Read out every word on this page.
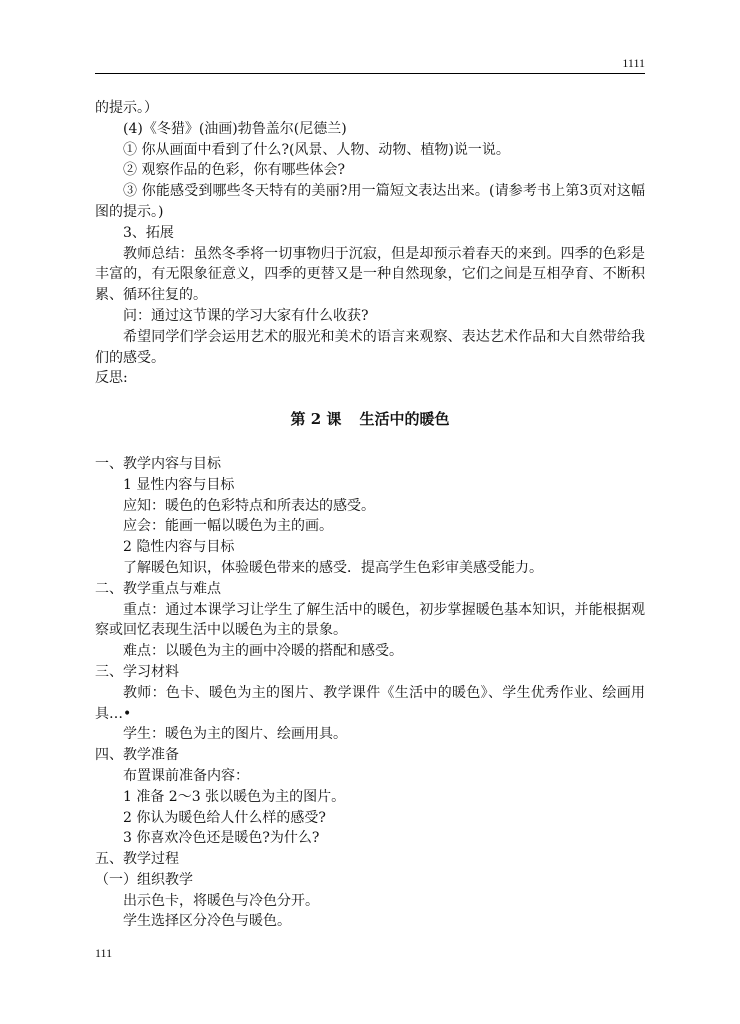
1111

的提示。）

(4)《冬猎》(油画)勃鲁盖尔(尼德兰)

① 你从画面中看到了什么?(风景、人物、动物、植物)说一说。

② 观察作品的色彩，你有哪些体会?

③ 你能感受到哪些冬天特有的美丽?用一篇短文表达出来。(请参考书上第3页对这幅图的提示。)

3、拓展

教师总结：虽然冬季将一切事物归于沉寂，但是却预示着春天的来到。四季的色彩是丰富的，有无限象征意义，四季的更替又是一种自然现象，它们之间是互相孕育、不断积累、循环往复的。

问：通过这节课的学习大家有什么收获?

希望同学们学会运用艺术的服光和美术的语言来观察、表达艺术作品和大自然带给我们的感受。

反思:

第 2 课 生活中的暖色

一、教学内容与目标

1 显性内容与目标

应知：暖色的色彩特点和所表达的感受。

应会：能画一幅以暖色为主的画。

2 隐性内容与目标

了解暖色知识，体验暖色带来的感受．提高学生色彩审美感受能力。

二、教学重点与难点

重点：通过本课学习让学生了解生活中的暖色，初步掌握暖色基本知识，并能根据观察或回忆表现生活中以暖色为主的景象。

难点：以暖色为主的画中冷暖的搭配和感受。

三、学习材料

教师：色卡、暖色为主的图片、教学课件《生活中的暖色》、学生优秀作业、绘画用具…•

学生：暖色为主的图片、绘画用具。

四、教学准备

布置课前准备内容：

1 准备 2～3 张以暖色为主的图片。

2 你认为暖色给人什么样的感受?

3 你喜欢冷色还是暖色?为什么?

五、教学过程

（一）组织教学

出示色卡，将暖色与冷色分开。

学生选择区分冷色与暖色。

111
